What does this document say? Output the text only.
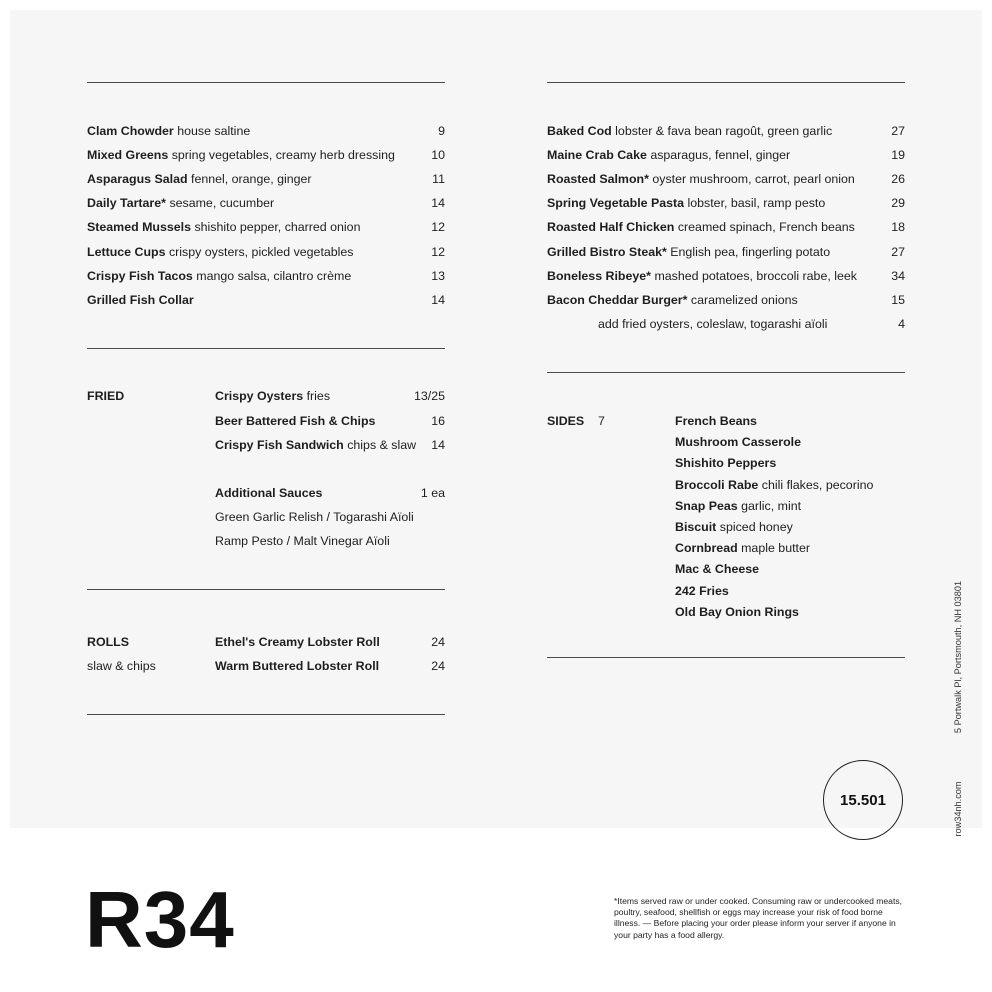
Clam Chowder house saltine	9
Mixed Greens spring vegetables, creamy herb dressing	10
Asparagus Salad fennel, orange, ginger	11
Daily Tartare* sesame, cucumber	14
Steamed Mussels shishito pepper, charred onion	12
Lettuce Cups crispy oysters, pickled vegetables	12
Crispy Fish Tacos mango salsa, cilantro crème	13
Grilled Fish Collar	14
Baked Cod lobster & fava bean ragoût, green garlic	27
Maine Crab Cake asparagus, fennel, ginger	19
Roasted Salmon* oyster mushroom, carrot, pearl onion	26
Spring Vegetable Pasta lobster, basil, ramp pesto	29
Roasted Half Chicken creamed spinach, French beans	18
Grilled Bistro Steak* English pea, fingerling potato	27
Boneless Ribeye* mashed potatoes, broccoli rabe, leek	34
Bacon Cheddar Burger* caramelized onions	15
add fried oysters, coleslaw, togarashi aïoli	4
FRIED	Crispy Oysters fries	13/25
Beer Battered Fish & Chips	16
Crispy Fish Sandwich chips & slaw 14
Additional Sauces	1 ea
Green Garlic Relish / Togarashi Aïoli
Ramp Pesto / Malt Vinegar Aïoli
ROLLS
slaw & chips
Ethel's Creamy Lobster Roll	24
Warm Buttered Lobster Roll	24
SIDES 7	French Beans
Mushroom Casserole
Shishito Peppers
Broccoli Rabe chili flakes, pecorino
Snap Peas garlic, mint
Biscuit spiced honey
Cornbread maple butter
Mac & Cheese
242 Fries
Old Bay Onion Rings
15.501
5 Portwalk Pl, Portsmouth, NH 03801
row34nh.com
R34	*Items served raw or under cooked. Consuming raw or undercooked meats, poultry, seafood, shellfish or eggs may increase your risk of food borne illness. — Before placing your order please inform your server if anyone in your party has a food allergy.
